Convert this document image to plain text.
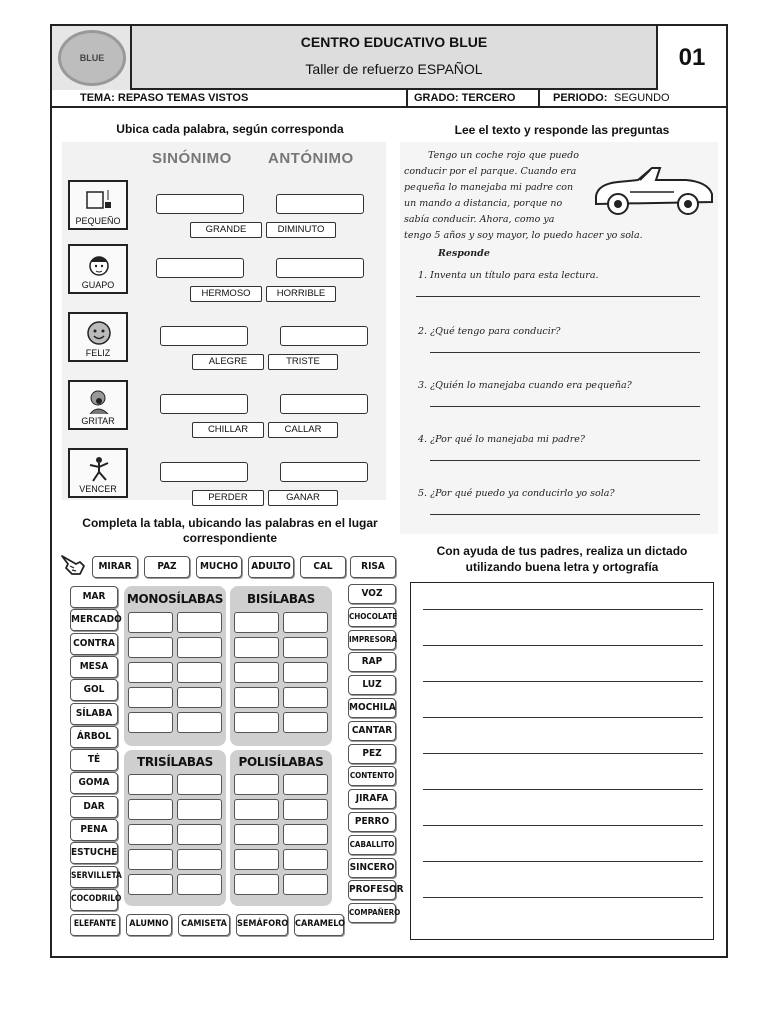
BLUE
CENTRO EDUCATIVO BLUE
Taller de refuerzo ESPAÑOL	01
TEMA: REPASO TEMAS VISTOS	GRADO: TERCERO	PERIODO: SEGUNDO
Ubica cada palabra, según corresponda
SINÓNIMO ANTÓNIMO
PEQUEÑO
GRANDE	DIMINUTO
GUAPO
HERMOSO	HORRIBLE
FELIZ
ALEGRE	TRISTE
GRITAR
CHILLAR	CALLAR
VENCER
PERDER	GANAR
Lee el texto y responde las preguntas
Tengo un coche rojo que puedo
conducir por el parque. Cuando era
pequeña lo manejaba mi padre con
un mando a distancia, porque no
sabía conducir. Ahora, como ya
tengo 5 años y soy mayor, lo puedo hacer yo sola.
Responde
1. Inventa un título para esta lectura.
2. ¿Qué tengo para conducir?
3. ¿Quién lo manejaba cuando era pequeña?
4. ¿Por qué lo manejaba mi padre?
5. ¿Por qué puedo ya conducirlo yo sola?
Completa la tabla, ubicando las palabras en el lugar
correspondiente
MIRAR	PAZ	MUCHO	ADULTO	CAL	RISA
MAR
MERCADO
CONTRA
MESA
GOL
SÍLABA
ÁRBOL
TÉ
GOMA
DAR
PENA
ESTUCHE
SERVILLETA
COCODRILO
VOZ
CHOCOLATE
IMPRESORA
RAP
LUZ
MOCHILA
CANTAR
PEZ
CONTENTO
JIRAFA
PERRO
CABALLITO
SINCERO
PROFESOR
COMPAÑERO
ELEFANTE	ALUMNO	CAMISETA	SEMÁFORO CARAMELO
MONOSÍLABAS	BISÍLABAS
TRISÍLABAS	POLISÍLABAS
Con ayuda de tus padres, realiza un dictado
utilizando buena letra y ortografía
